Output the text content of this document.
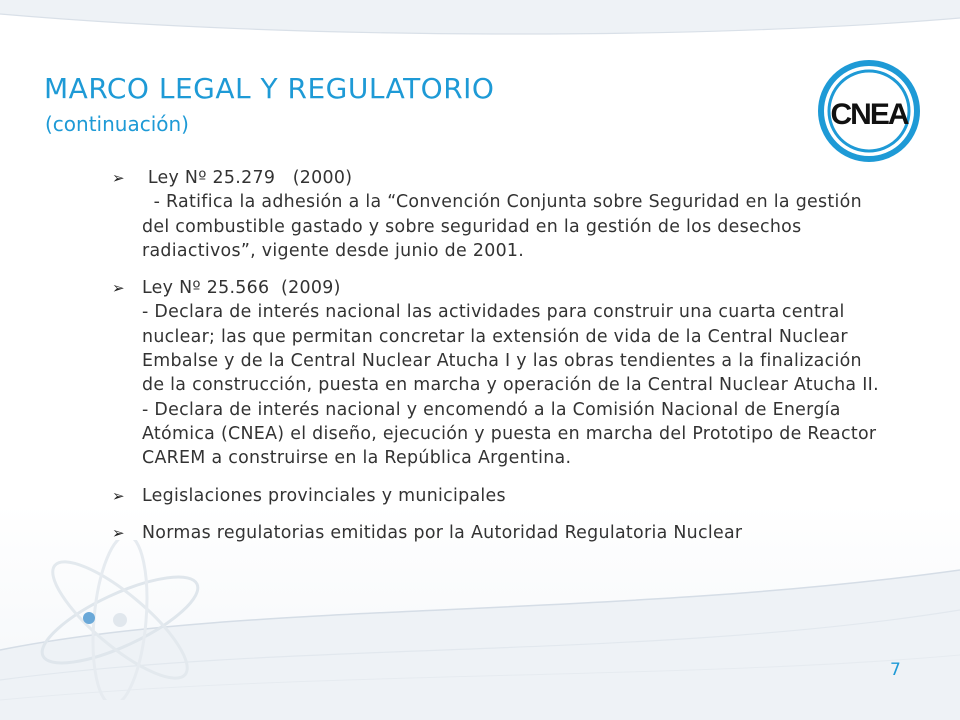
MARCO LEGAL Y REGULATORIO
(continuación)	CNEA
➢ Ley Nº 25.279   (2000)
- Ratifica la adhesión a la “Convención Conjunta sobre Seguridad en la gestión del combustible gastado y sobre seguridad en la gestión de los desechos radiactivos”, vigente desde junio de 2001.
➢ Ley Nº 25.566  (2009)
- Declara de interés nacional las actividades para construir una cuarta central  nuclear; las que permitan concretar la extensión de vida de la Central Nuclear Embalse y de la Central Nuclear Atucha I y las obras tendientes a la finalización de la construcción, puesta en marcha y operación de la Central Nuclear Atucha II.
- Declara de interés nacional y encomendó a la Comisión Nacional de Energía Atómica (CNEA) el diseño, ejecución y puesta en marcha del Prototipo de Reactor CAREM a construirse en la República Argentina.
➢ Legislaciones provinciales y municipales
➢ Normas regulatorias emitidas por la Autoridad Regulatoria Nuclear
7
